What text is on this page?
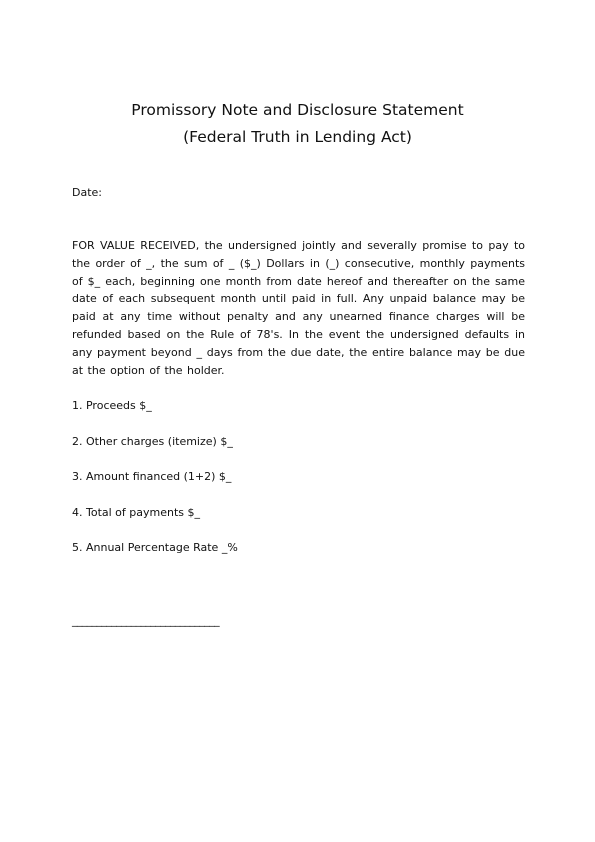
Promissory Note and Disclosure Statement
(Federal Truth in Lending Act)
Date:
FOR VALUE RECEIVED, the undersigned jointly and severally promise to pay to the order of _, the sum of _ ($_) Dollars in (_) consecutive, monthly payments of $_ each, beginning one month from date hereof and thereafter on the same date of each subsequent month until paid in full. Any unpaid balance may be paid at any time without penalty and any unearned finance charges will be refunded based on the Rule of 78's. In the event the undersigned defaults in any payment beyond _ days from the due date, the entire balance may be due at the option of the holder.
1. Proceeds $_
2. Other charges (itemize) $_
3. Amount financed (1+2) $_
4. Total of payments $_
5. Annual Percentage Rate _%
______________________________
